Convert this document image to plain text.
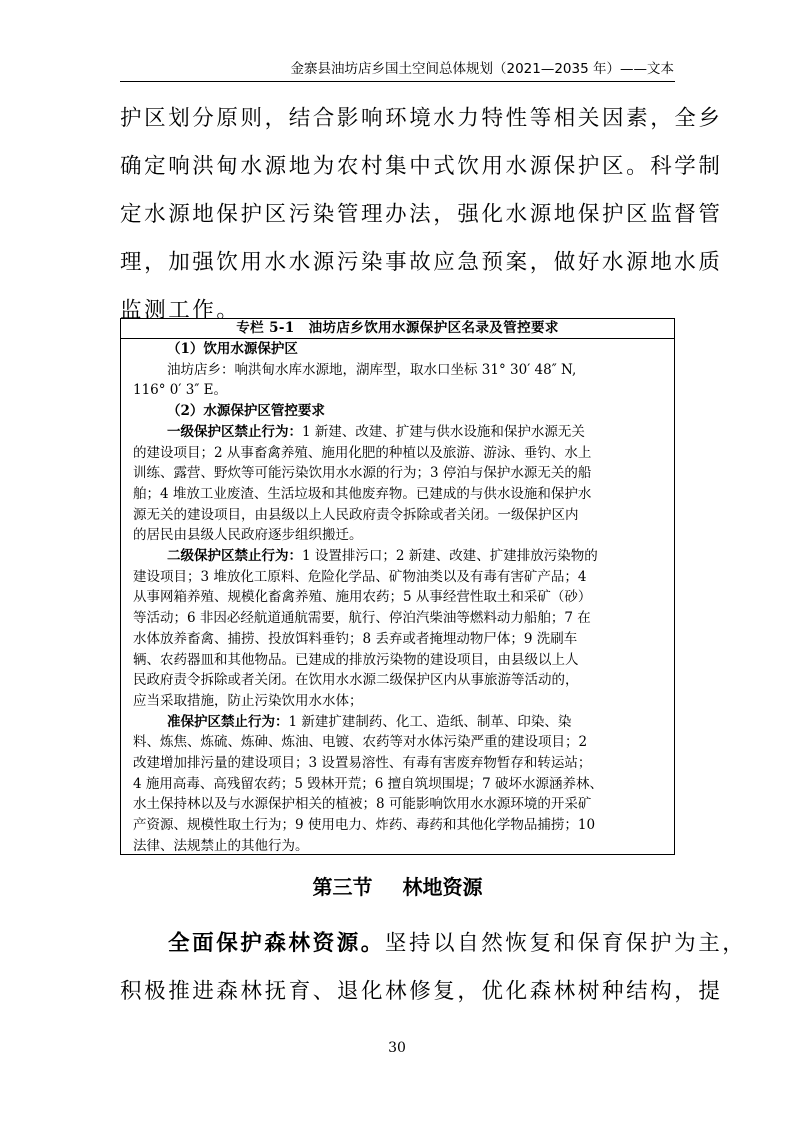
金寨县油坊店乡国土空间总体规划（2021—2035 年）——文本
护区划分原则，结合影响环境水力特性等相关因素，全乡
确定响洪甸水源地为农村集中式饮用水源保护区。科学制
定水源地保护区污染管理办法，强化水源地保护区监督管
理，加强饮用水水源污染事故应急预案，做好水源地水质
监测工作。
专栏 5-1　油坊店乡饮用水源保护区名录及管控要求

（1）饮用水源保护区

油坊店乡：响洪甸水库水源地，湖库型，取水口坐标 31° 30′ 48″ N,

116° 0′ 3″ E。

（2）水源保护区管控要求

一级保护区禁止行为：1 新建、改建、扩建与供水设施和保护水源无关

的建设项目；2 从事畜禽养殖、施用化肥的种植以及旅游、游泳、垂钓、水上

训练、露营、野炊等可能污染饮用水水源的行为；3 停泊与保护水源无关的船

舶；4 堆放工业废渣、生活垃圾和其他废弃物。已建成的与供水设施和保护水

源无关的建设项目，由县级以上人民政府责令拆除或者关闭。一级保护区内

的居民由县级人民政府逐步组织搬迁。

二级保护区禁止行为：1 设置排污口；2 新建、改建、扩建排放污染物的

建设项目；3 堆放化工原料、危险化学品、矿物油类以及有毒有害矿产品；4

从事网箱养殖、规模化畜禽养殖、施用农药；5 从事经营性取土和采矿（砂）

等活动；6 非因必经航道通航需要，航行、停泊汽柴油等燃料动力船舶；7 在

水体放养畜禽、捕捞、投放饵料垂钓；8 丢弃或者掩埋动物尸体；9 洗刷车

辆、农药器皿和其他物品。已建成的排放污染物的建设项目，由县级以上人

民政府责令拆除或者关闭。在饮用水水源二级保护区内从事旅游等活动的，

应当采取措施，防止污染饮用水水体；

准保护区禁止行为：1 新建扩建制药、化工、造纸、制革、印染、染

料、炼焦、炼硫、炼砷、炼油、电镀、农药等对水体污染严重的建设项目；2

改建增加排污量的建设项目；3 设置易溶性、有毒有害废弃物暂存和转运站；

4 施用高毒、高残留农药；5 毁林开荒；6 擅自筑坝围堤；7 破坏水源涵养林、

水土保持林以及与水源保护相关的植被；8 可能影响饮用水水源环境的开采矿

产资源、规模性取土行为；9 使用电力、炸药、毒药和其他化学物品捕捞；10

法律、法规禁止的其他行为。

第三节 林地资源
全面保护森林资源。坚持以自然恢复和保育保护为主，
积极推进森林抚育、退化林修复，优化森林树种结构，提
30
